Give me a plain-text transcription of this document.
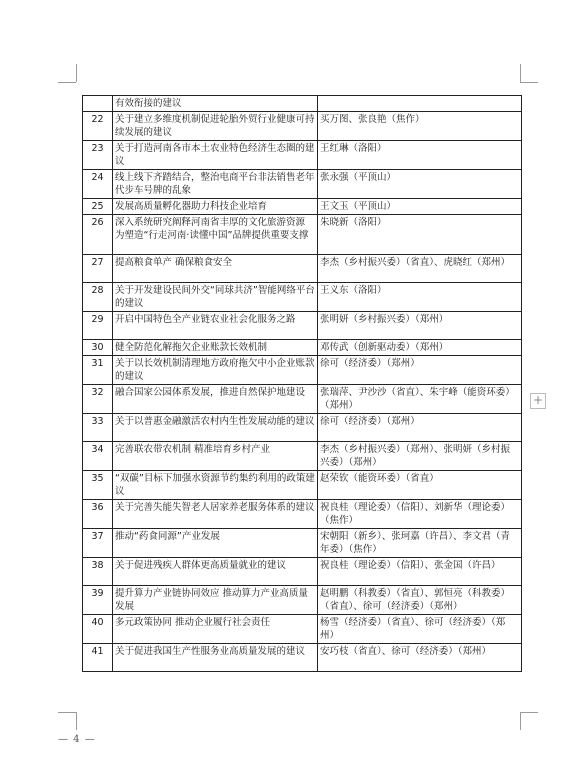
	有效衔接的建议	
22	关于建立多维度机制促进轮胎外贸行业健康可持续发展的建议	买万图、张良艳（焦作）
23	关于打造河南各市本土农业特色经济生态圈的建议	王红琳（洛阳）
24	线上线下齐踏结合，整治电商平台非法销售老年代步车号牌的乱象	张永强（平顶山）
25	发展高质量孵化器助力科技企业培育	王文玉（平顶山）
26	深入系统研究阐释河南省丰厚的文化旅游资源 为塑造“行走河南·读懂中国”品牌提供重要支撑	朱晓新（洛阳）
27	提高粮食单产 确保粮食安全	李杰（乡村振兴委）（省直）、虎晓红（郑州）
28	关于开发建设民间外交“同球共济”智能网络平台的建议	王义东（洛阳）
29	开启中国特色全产业链农业社会化服务之路	张明妍（乡村振兴委）（郑州）
30	健全防范化解拖欠企业账款长效机制	邓传武（创新驱动委）（郑州）
31	关于以长效机制清理地方政府拖欠中小企业账款的建议	徐可（经济委）（郑州）
32	融合国家公园体系发展，推进自然保护地建设	张瑞萍、尹沙沙（省直）、朱宇峰（能资环委）（郑州）
33	关于以普惠金融激活农村内生性发展动能的建议	徐可（经济委）（郑州）
34	完善联农带农机制 精准培育乡村产业	李杰（乡村振兴委）（郑州）、张明妍（乡村振兴委）（郑州）
35	“双碳”目标下加强水资源节约集约利用的政策建议	赵荣钦（能资环委）（省直）
36	关于完善失能失智老人居家养老服务体系的建议	祝良桂（理论委）（信阳）、刘新华（理论委）（焦作）
37	推动“药食同源”产业发展	宋朝阳（新乡）、张珂嘉（许昌）、李文君（青年委）（焦作）
38	关于促进残疾人群体更高质量就业的建议	祝良桂（理论委）（信阳）、张金国（许昌）
39	提升算力产业链协同效应 推动算力产业高质量发展	赵明鹏（科教委）（省直）、郭恒亮（科教委）（省直）、徐可（经济委）（郑州）
40	多元政策协同 推动企业履行社会责任	杨雪（经济委）（省直）、徐可（经济委）（郑州）
41	关于促进我国生产性服务业高质量发展的建议	安巧枝（省直）、徐可（经济委）（郑州）
+
— 4 —
